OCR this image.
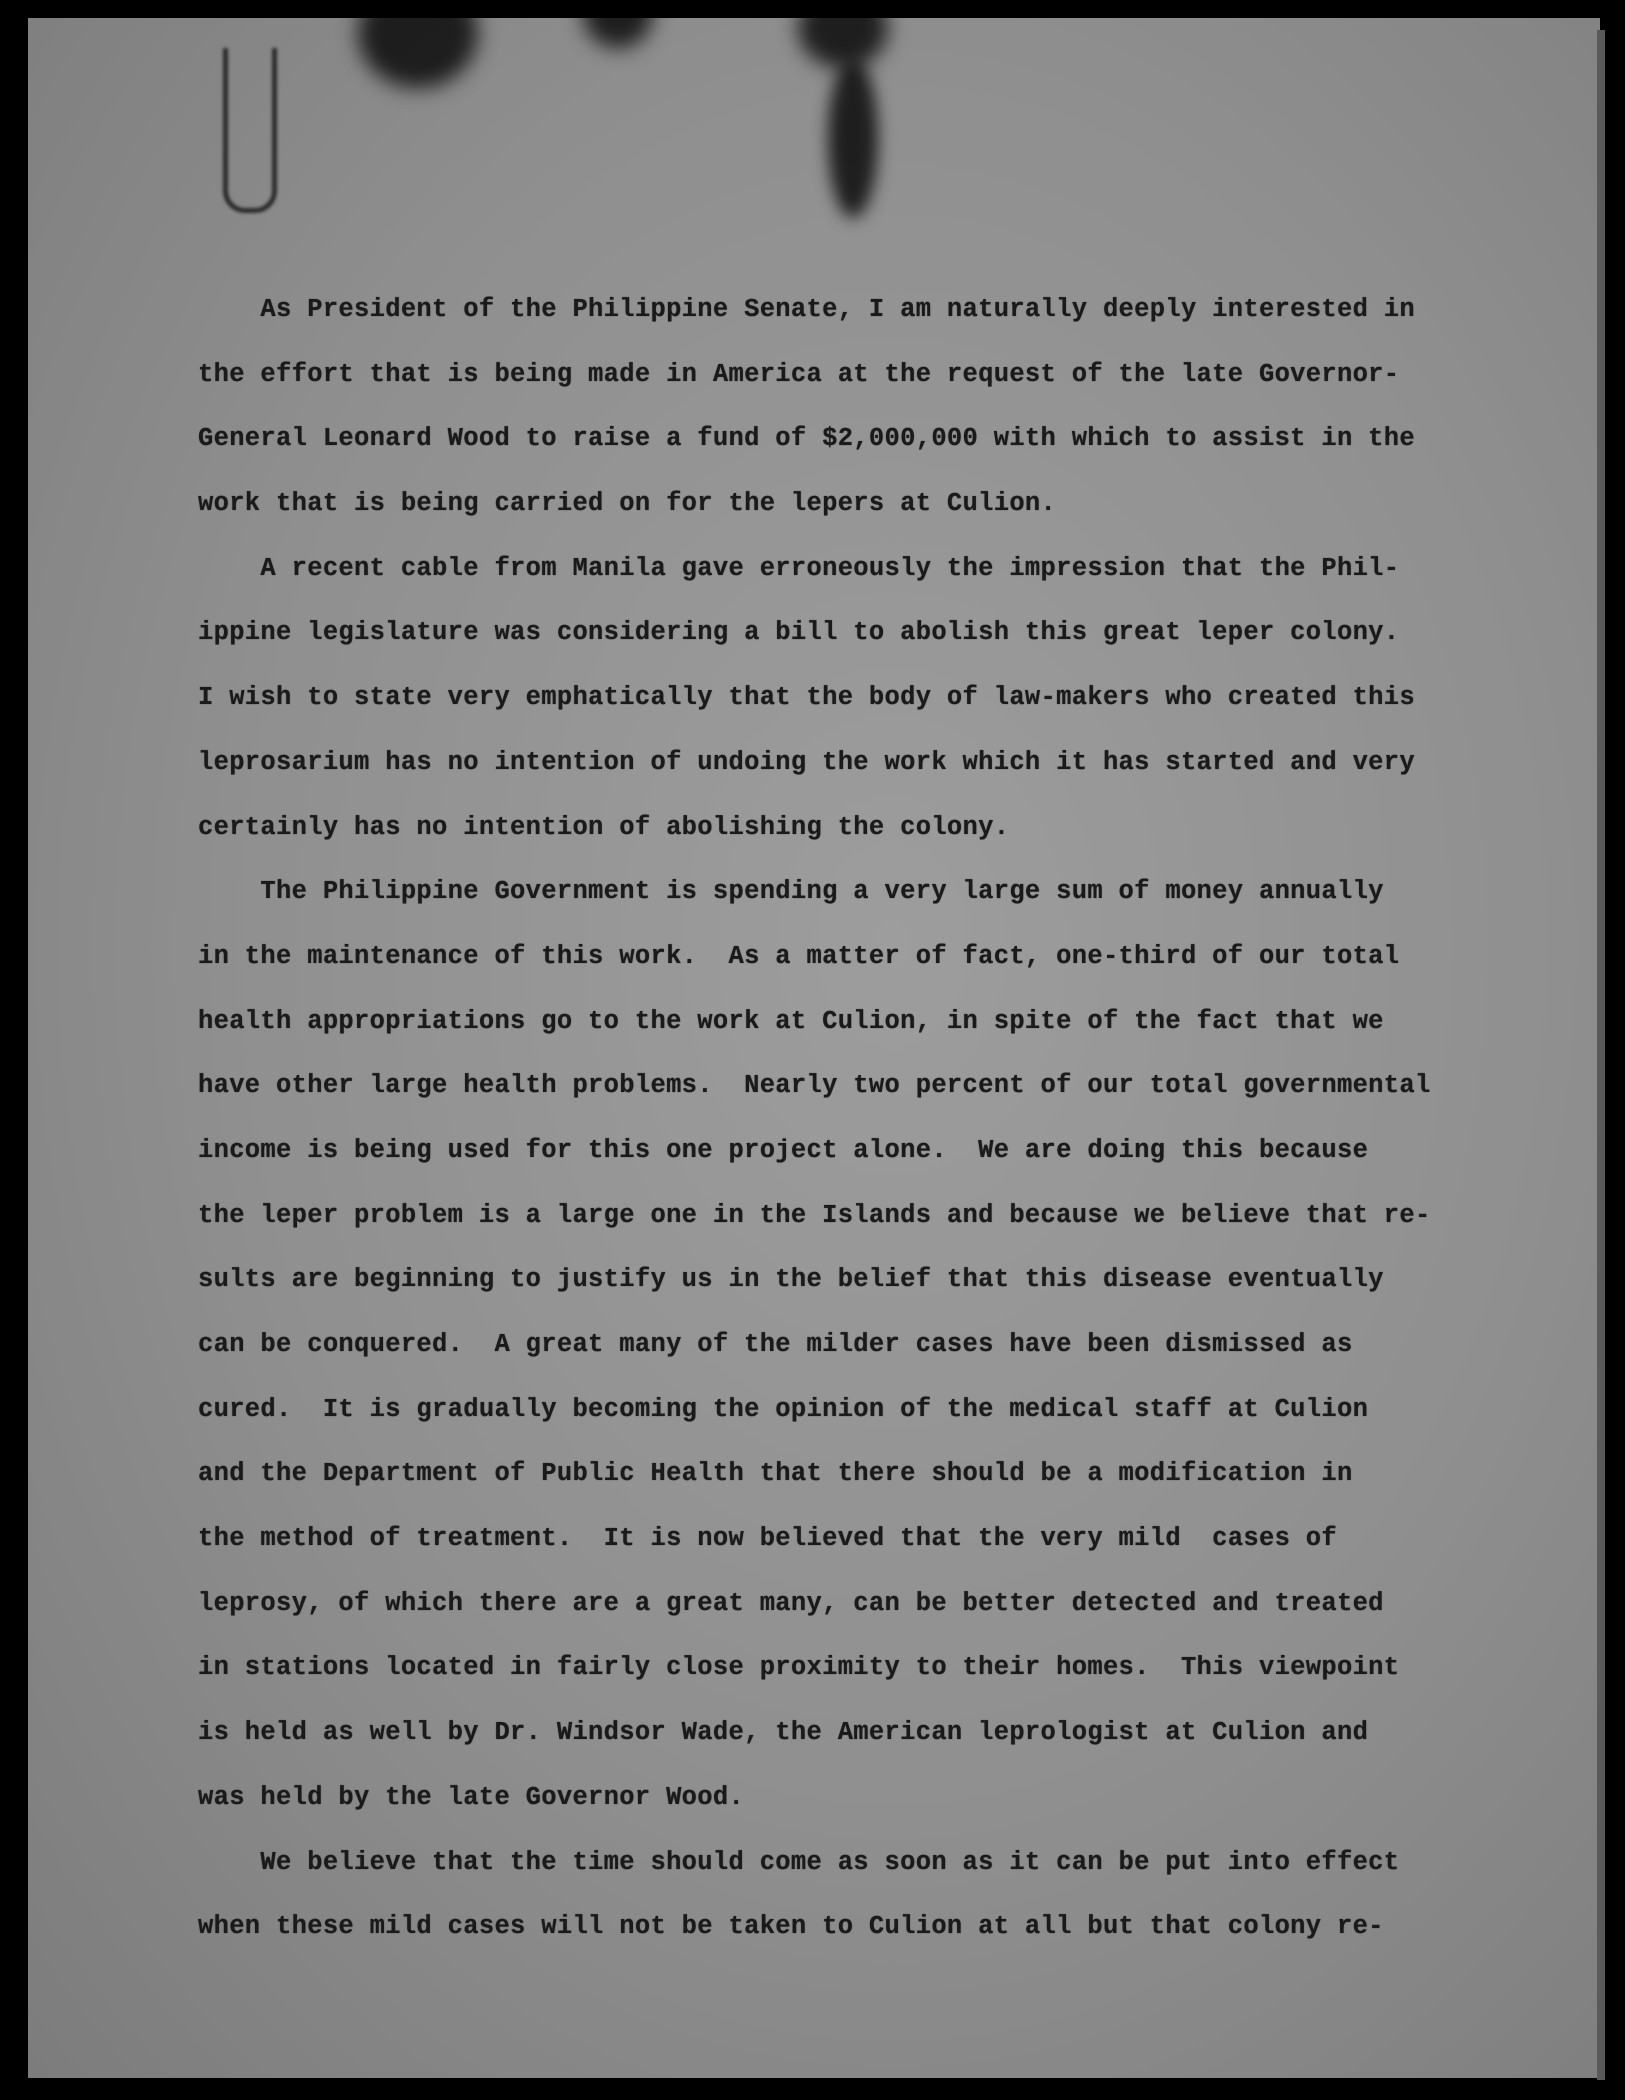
As President of the Philippine Senate, I am naturally deeply interested in
the effort that is being made in America at the request of the late Governor-
General Leonard Wood to raise a fund of $2,000,000 with which to assist in the
work that is being carried on for the lepers at Culion.
A recent cable from Manila gave erroneously the impression that the Phil-
ippine legislature was considering a bill to abolish this great leper colony.
I wish to state very emphatically that the body of law-makers who created this
leprosarium has no intention of undoing the work which it has started and very
certainly has no intention of abolishing the colony.
The Philippine Government is spending a very large sum of money annually
in the maintenance of this work.  As a matter of fact, one-third of our total
health appropriations go to the work at Culion, in spite of the fact that we
have other large health problems.  Nearly two percent of our total governmental
income is being used for this one project alone.  We are doing this because
the leper problem is a large one in the Islands and because we believe that re-
sults are beginning to justify us in the belief that this disease eventually
can be conquered.  A great many of the milder cases have been dismissed as
cured.  It is gradually becoming the opinion of the medical staff at Culion
and the Department of Public Health that there should be a modification in
the method of treatment.  It is now believed that the very mild  cases of
leprosy, of which there are a great many, can be better detected and treated
in stations located in fairly close proximity to their homes.  This viewpoint
is held as well by Dr. Windsor Wade, the American leprologist at Culion and
was held by the late Governor Wood.
We believe that the time should come as soon as it can be put into effect
when these mild cases will not be taken to Culion at all but that colony re-
